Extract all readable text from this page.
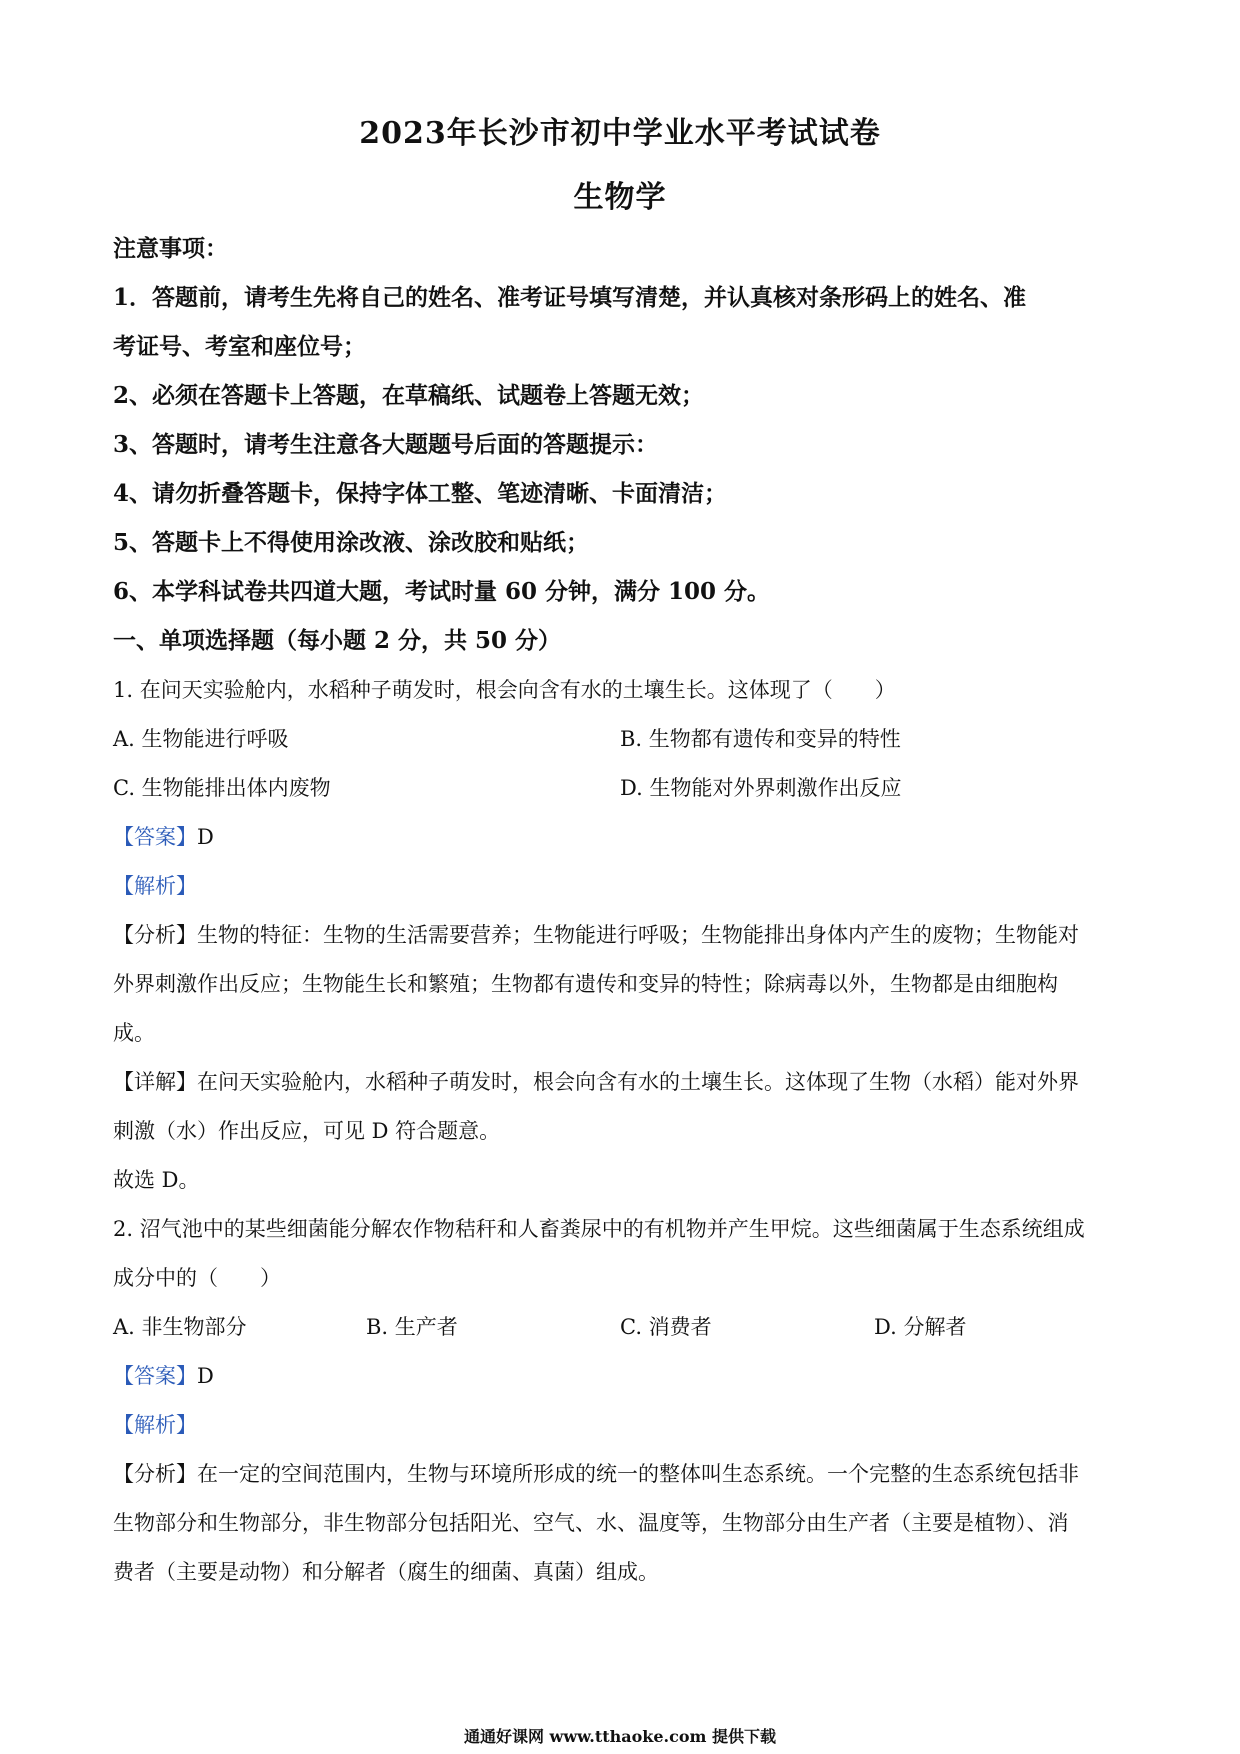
2023年长沙市初中学业水平考试试卷
生物学
注意事项：
1．答题前，请考生先将自己的姓名、准考证号填写清楚，并认真核对条形码上的姓名、准
考证号、考室和座位号；
2、必须在答题卡上答题，在草稿纸、试题卷上答题无效；
3、答题时，请考生注意各大题题号后面的答题提示：
4、请勿折叠答题卡，保持字体工整、笔迹清晰、卡面清洁；
5、答题卡上不得使用涂改液、涂改胶和贴纸；
6、本学科试卷共四道大题，考试时量 60 分钟，满分 100 分。
一、单项选择题（每小题 2 分，共 50 分）
1. 在问天实验舱内，水稻种子萌发时，根会向含有水的土壤生长。这体现了（　　）
A. 生物能进行呼吸	B. 生物都有遗传和变异的特性
C. 生物能排出体内废物	D. 生物能对外界刺激作出反应
【答案】D
【解析】
【分析】生物的特征：生物的生活需要营养；生物能进行呼吸；生物能排出身体内产生的废物；生物能对
外界刺激作出反应；生物能生长和繁殖；生物都有遗传和变异的特性；除病毒以外，生物都是由细胞构
成。
【详解】在问天实验舱内，水稻种子萌发时，根会向含有水的土壤生长。这体现了生物（水稻）能对外界
刺激（水）作出反应，可见 D 符合题意。
故选 D。
2. 沼气池中的某些细菌能分解农作物秸秆和人畜粪尿中的有机物并产生甲烷。这些细菌属于生态系统组成
成分中的（　　）
A. 非生物部分	B. 生产者	C. 消费者	D. 分解者
【答案】D
【解析】
【分析】在一定的空间范围内，生物与环境所形成的统一的整体叫生态系统。一个完整的生态系统包括非
生物部分和生物部分，非生物部分包括阳光、空气、水、温度等，生物部分由生产者（主要是植物）、消
费者（主要是动物）和分解者（腐生的细菌、真菌）组成。
通通好课网 www.tthaoke.com 提供下载
